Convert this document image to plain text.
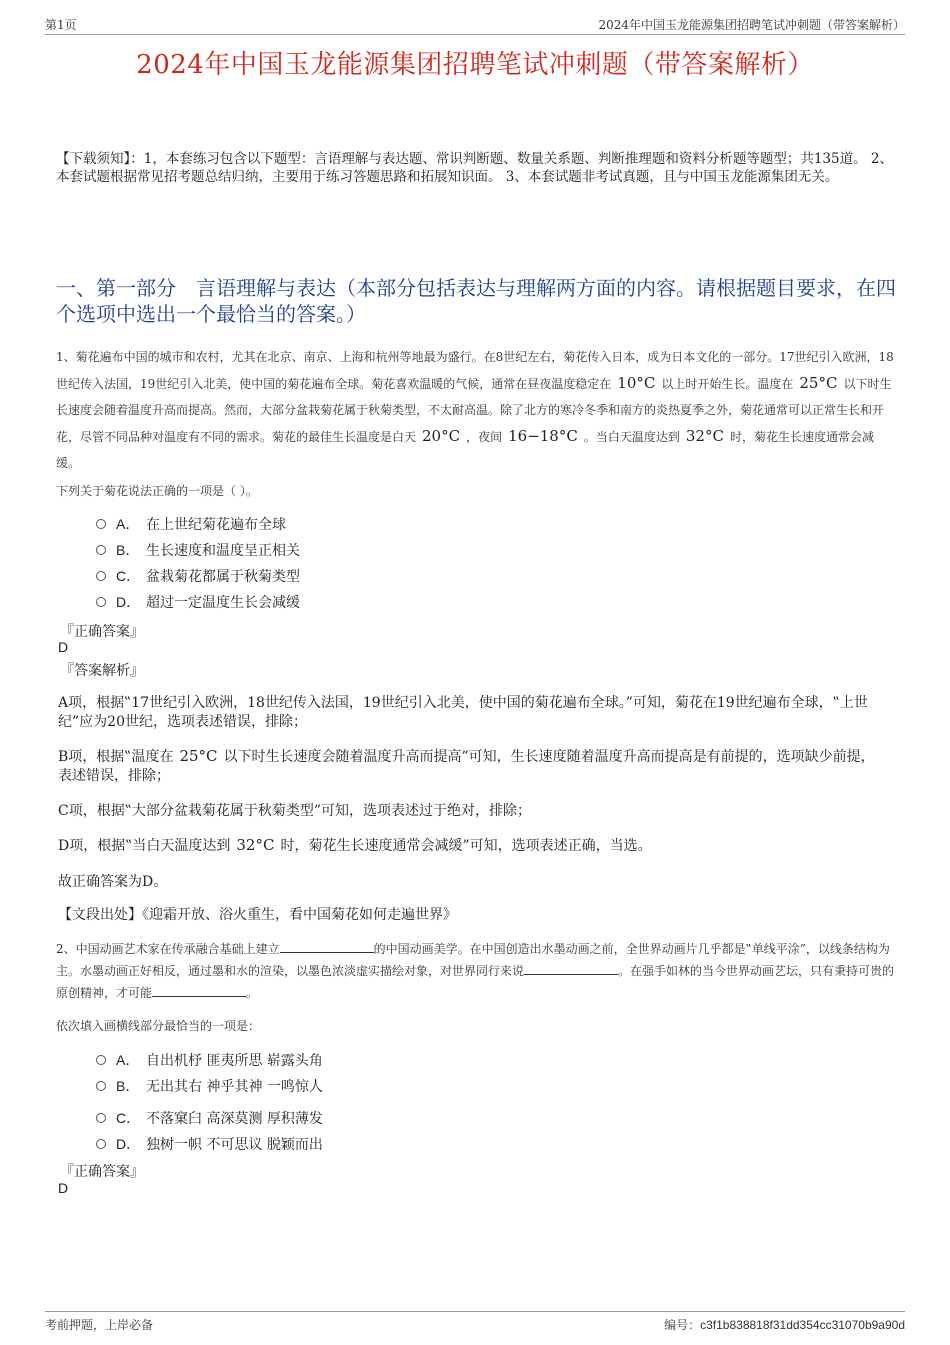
第1页	2024年中国玉龙能源集团招聘笔试冲刺题（带答案解析）
2024年中国玉龙能源集团招聘笔试冲刺题（带答案解析）
【下载须知】：1，本套练习包含以下题型：言语理解与表达题、常识判断题、数量关系题、判断推理题和资料分析题等题型；共135道。 2、本套试题根据常见招考题总结归纳，主要用于练习答题思路和拓展知识面。 3、本套试题非考试真题，且与中国玉龙能源集团无关。
一、第一部分　言语理解与表达（本部分包括表达与理解两方面的内容。请根据题目要求，在四个选项中选出一个最恰当的答案。）
1、菊花遍布中国的城市和农村，尤其在北京、南京、上海和杭州等地最为盛行。在8世纪左右，菊花传入日本，成为日本文化的一部分。17世纪引入欧洲，18世纪传入法国，19世纪引入北美，使中国的菊花遍布全球。菊花喜欢温暖的气候，通常在昼夜温度稳定在 10°C 以上时开始生长。温度在 25°C 以下时生长速度会随着温度升高而提高。然而，大部分盆栽菊花属于秋菊类型，不太耐高温。除了北方的寒冷冬季和南方的炎热夏季之外，菊花通常可以正常生长和开花，尽管不同品种对温度有不同的需求。菊花的最佳生长温度是白天 20°C ，夜间 16−18°C 。当白天温度达到 32°C 时，菊花生长速度通常会减缓。
下列关于菊花说法正确的一项是（ ）。
A． 在上世纪菊花遍布全球
B． 生长速度和温度呈正相关
C． 盆栽菊花都属于秋菊类型
D． 超过一定温度生长会减缓
『正确答案』
D
『答案解析』
A项，根据‟17世纪引入欧洲，18世纪传入法国，19世纪引入北美，使中国的菊花遍布全球。”可知，菊花在19世纪遍布全球，‟上世纪”应为20世纪，选项表述错误，排除；
B项，根据‟温度在 25°C 以下时生长速度会随着温度升高而提高”可知，生长速度随着温度升高而提高是有前提的，选项缺少前提，表述错误，排除；
C项，根据‟大部分盆栽菊花属于秋菊类型”可知，选项表述过于绝对，排除；
D项，根据‟当白天温度达到 32°C 时，菊花生长速度通常会减缓”可知，选项表述正确，当选。
故正确答案为D。
【文段出处】《迎霜开放、浴火重生，看中国菊花如何走遍世界》
2、中国动画艺术家在传承融合基础上建立	的中国动画美学。在中国创造出水墨动画之前，全世界动画片几乎都是‟单线平涂”，以线条结构为主。水墨动画正好相反，通过墨和水的渲染，以墨色浓淡虚实描绘对象，对世界同行来说	。在强手如林的当今世界动画艺坛，只有秉持可贵的原创精神，才可能	。
依次填入画横线部分最恰当的一项是：
A． 自出机杼 匪夷所思 崭露头角
B． 无出其右 神乎其神 一鸣惊人
C． 不落窠臼 高深莫测 厚积薄发
D． 独树一帜 不可思议 脱颖而出
『正确答案』
D
考前押题，上岸必备	编号：c3f1b838818f31dd354cc31070b9a90d
